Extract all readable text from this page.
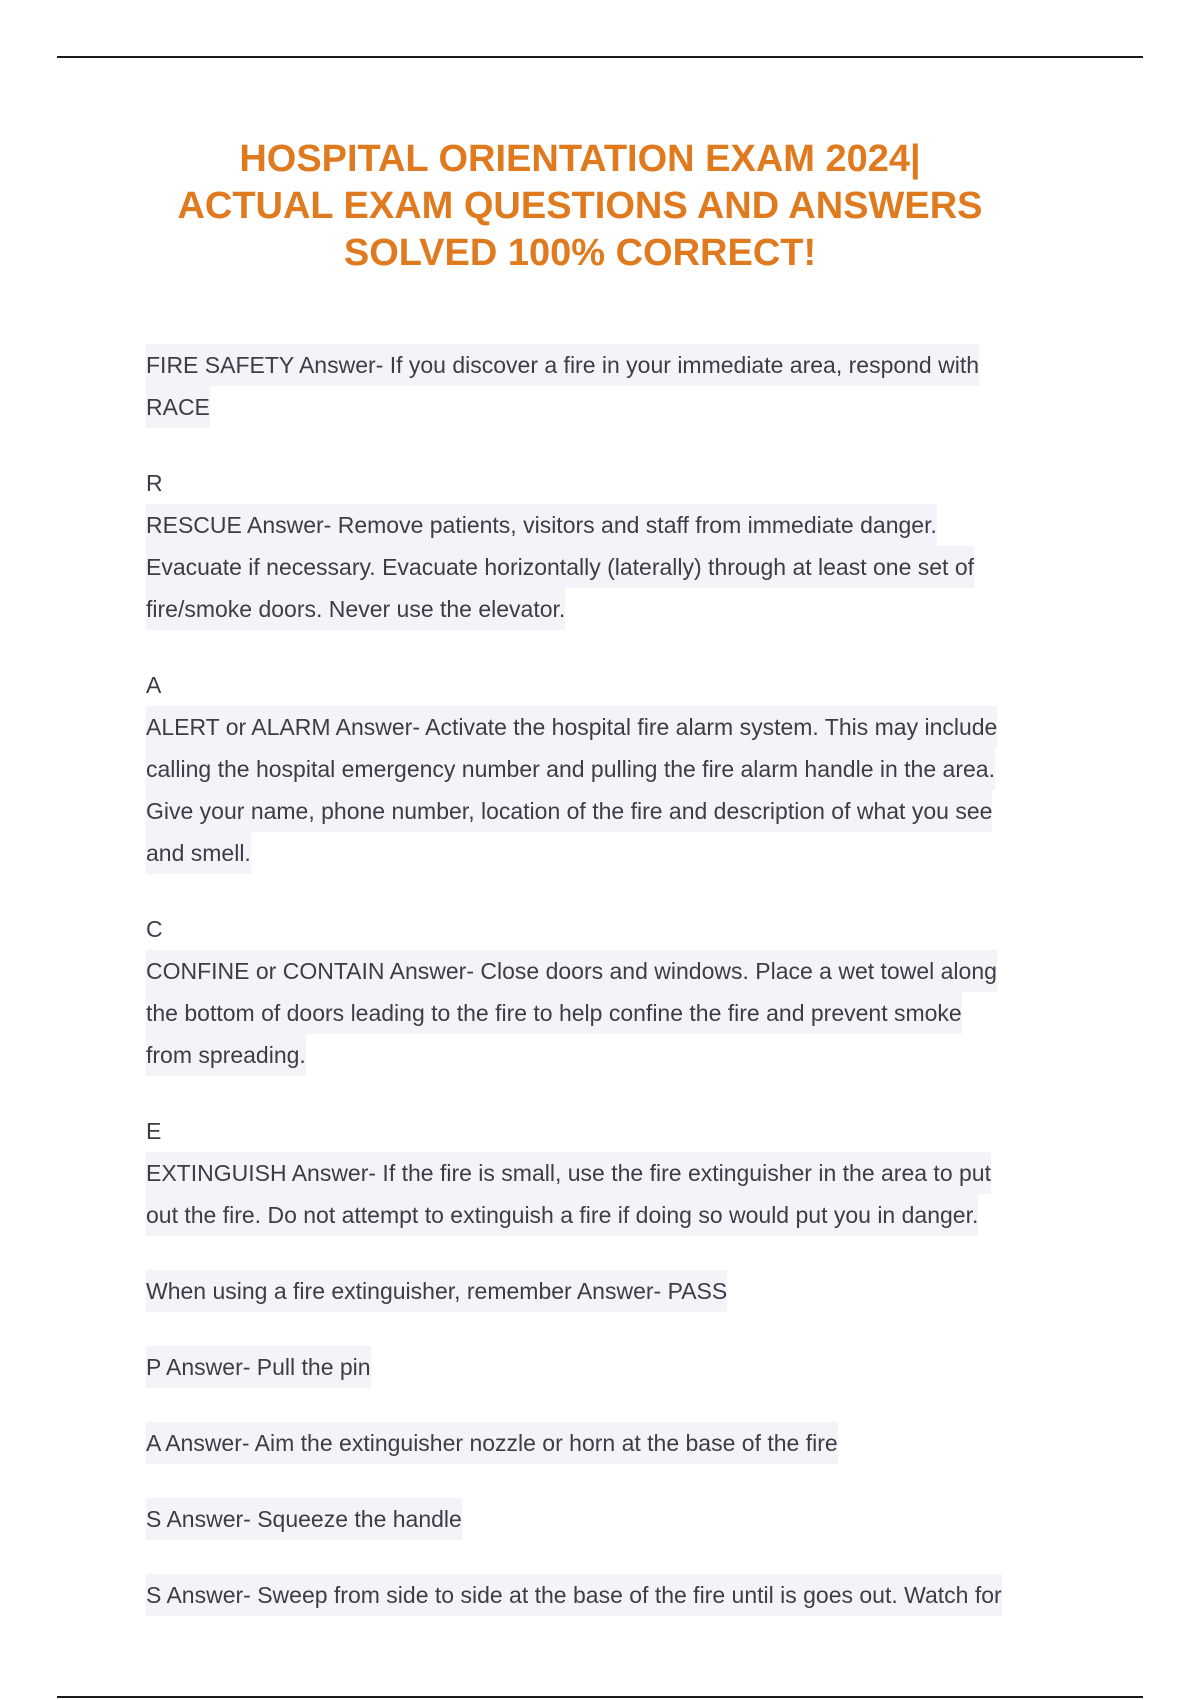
HOSPITAL ORIENTATION EXAM 2024|
ACTUAL EXAM QUESTIONS AND ANSWERS
SOLVED 100% CORRECT!
FIRE SAFETY Answer- If you discover a fire in your immediate area, respond with
RACE
R
RESCUE Answer- Remove patients, visitors and staff from immediate danger.
Evacuate if necessary. Evacuate horizontally (laterally) through at least one set of
fire/smoke doors. Never use the elevator.
A
ALERT or ALARM Answer- Activate the hospital fire alarm system. This may include
calling the hospital emergency number and pulling the fire alarm handle in the area.
Give your name, phone number, location of the fire and description of what you see
and smell.
C
CONFINE or CONTAIN Answer- Close doors and windows. Place a wet towel along
the bottom of doors leading to the fire to help confine the fire and prevent smoke
from spreading.
E
EXTINGUISH Answer- If the fire is small, use the fire extinguisher in the area to put
out the fire. Do not attempt to extinguish a fire if doing so would put you in danger.
When using a fire extinguisher, remember Answer- PASS
P Answer- Pull the pin
A Answer- Aim the extinguisher nozzle or horn at the base of the fire
S Answer- Squeeze the handle
S Answer- Sweep from side to side at the base of the fire until is goes out. Watch for
